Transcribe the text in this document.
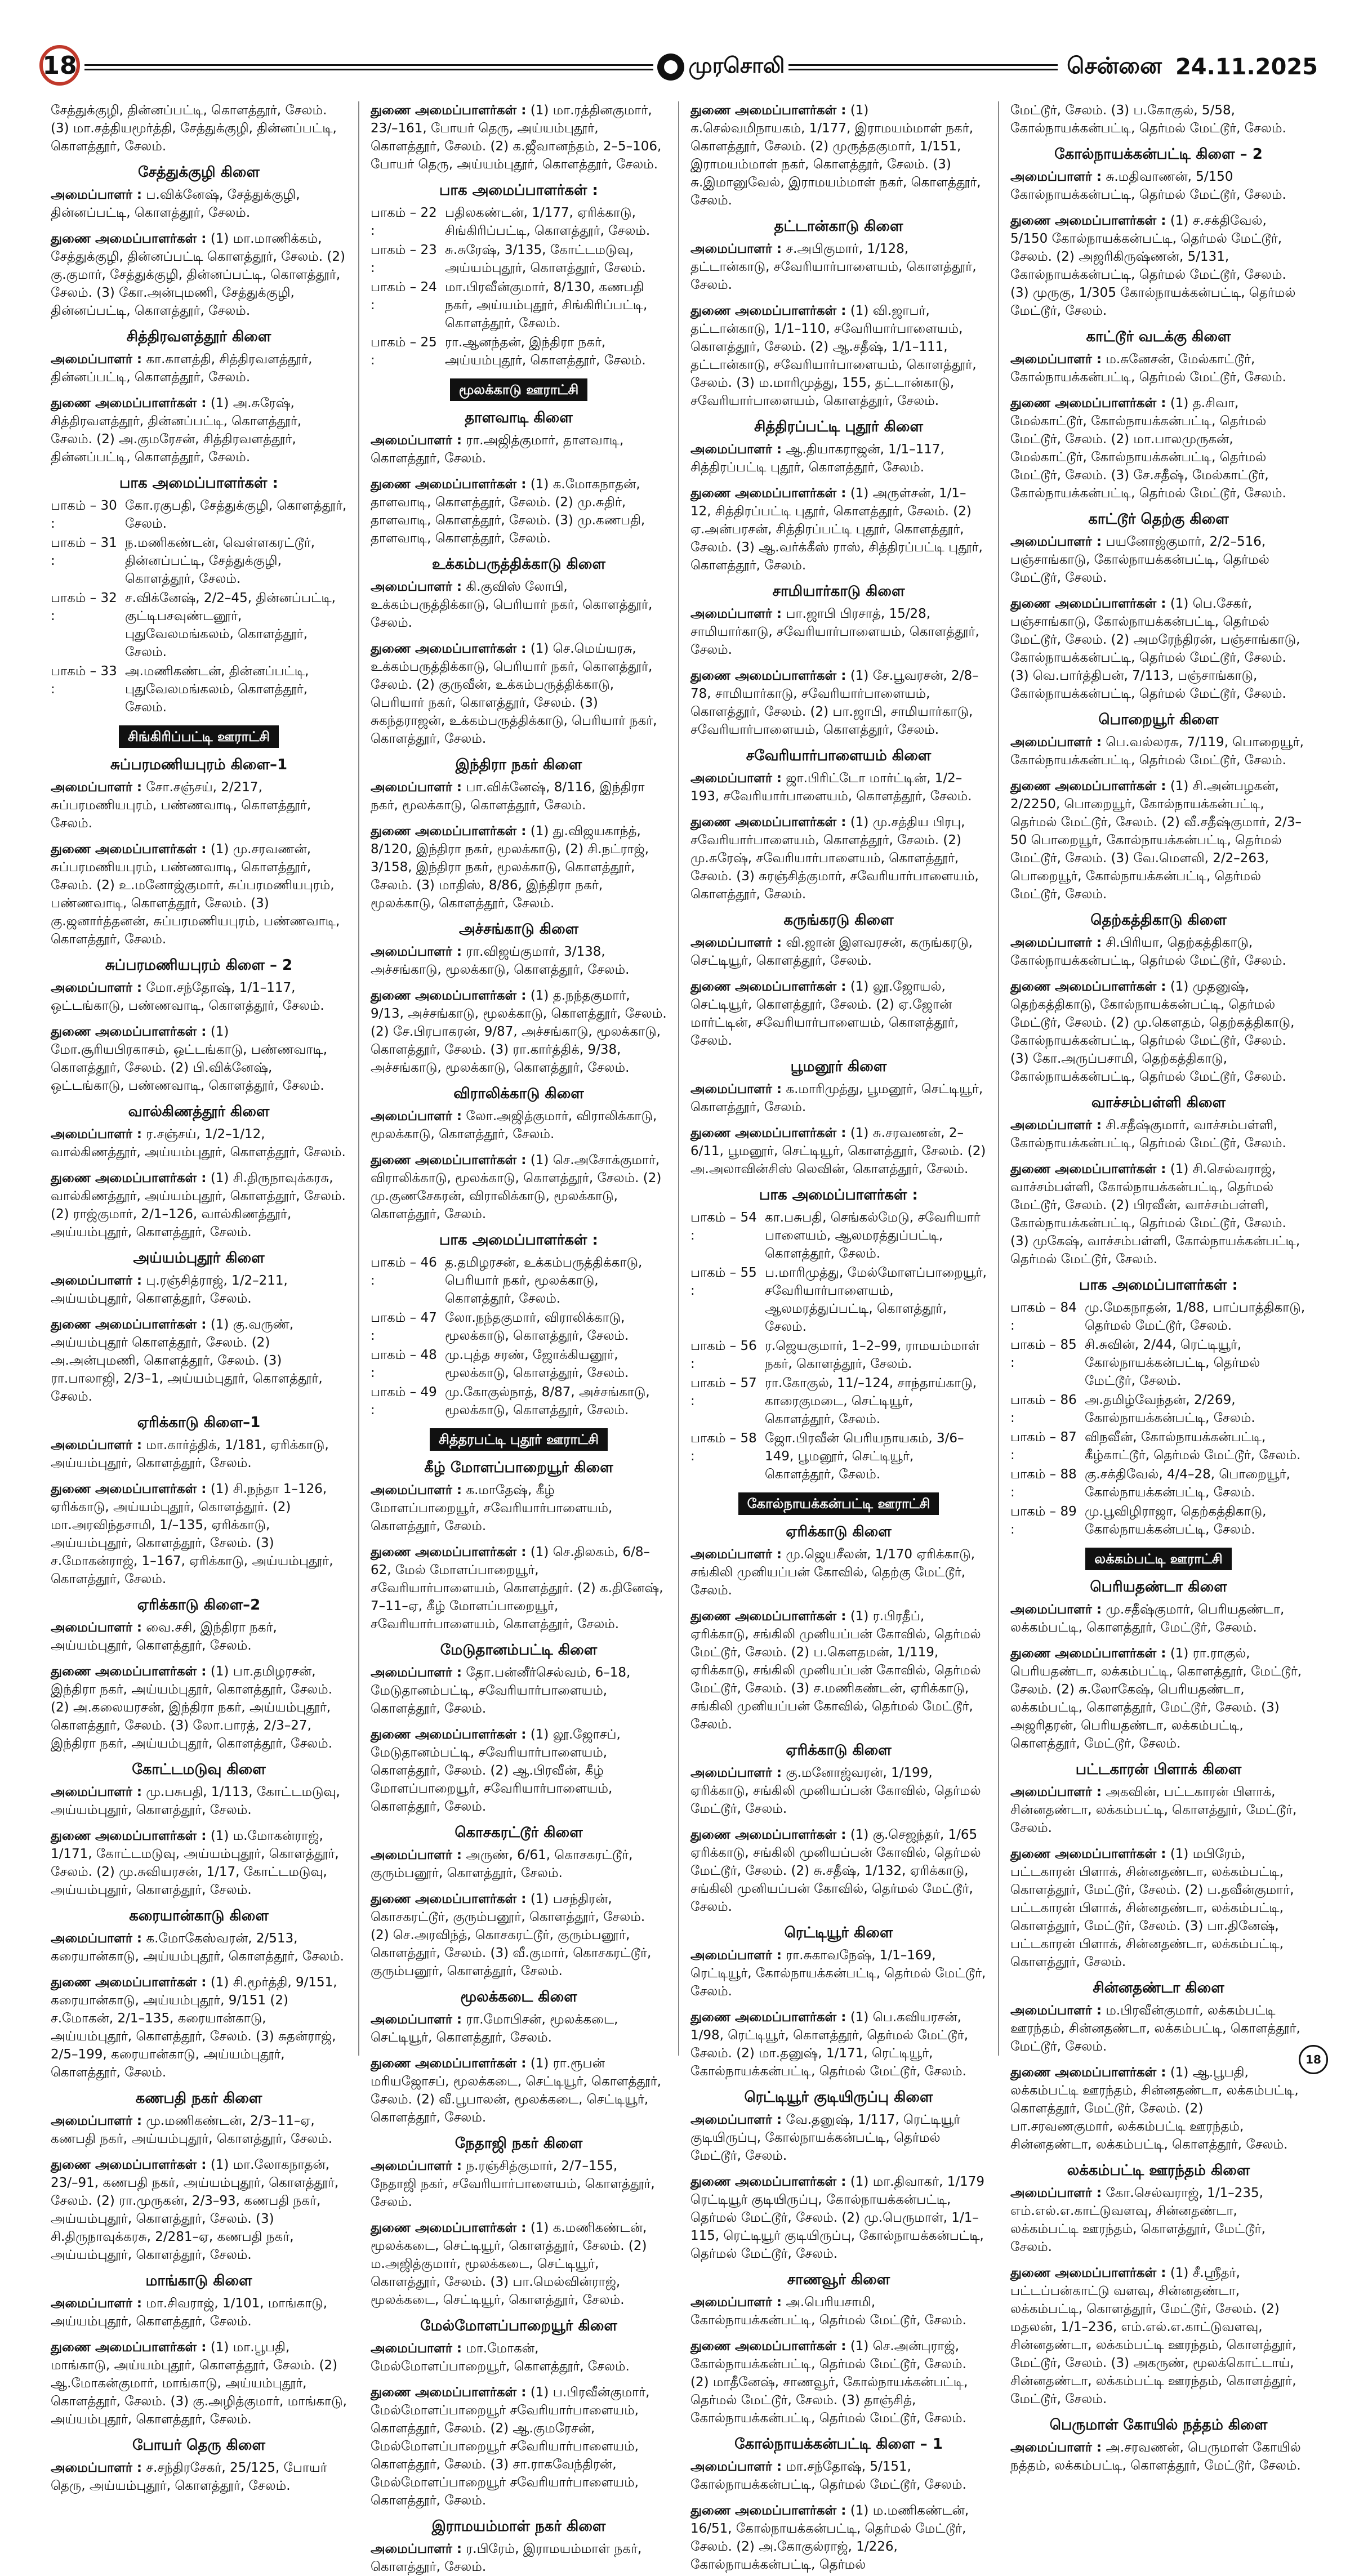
18	முரசொலி	சென்னை 24.11.2025

சேத்துக்குழி, தின்னப்பட்டி, கொளத்தூர், சேலம். (3) மா.சத்தியமூர்த்தி, சேத்துக்குழி, தின்னப்பட்டி, கொளத்தூர், சேலம்.

சேத்துக்குழி கிளை

அமைப்பாளர் : ப.விக்னேஷ், சேத்துக்குழி, தின்னப்பட்டி, கொளத்தூர், சேலம்.

துணை அமைப்பாளர்கள் : (1) மா.மாணிக்கம், சேத்துக்குழி, தின்னப்பட்டி கொளத்தூர், சேலம். (2) கு.குமார், சேத்துக்குழி, தின்னப்பட்டி, கொளத்தூர், சேலம். (3) கோ.அன்புமணி, சேத்துக்குழி, தின்னப்பட்டி, கொளத்தூர், சேலம்.

சித்திரவளத்தூர் கிளை

அமைப்பாளர் : கா.காளத்தி, சித்திரவளத்தூர், தின்னப்பட்டி, கொளத்தூர், சேலம்.

துணை அமைப்பாளர்கள் : (1) அ.சுரேஷ், சித்திரவளத்தூர், தின்னப்பட்டி, கொளத்தூர், சேலம். (2) அ.குமரேசன், சித்திரவளத்தூர், தின்னப்பட்டி, கொளத்தூர், சேலம்.

பாக அமைப்பாளர்கள் :
பாகம் – 30 :
கோ.ரகுபதி, சேத்துக்குழி, கொளத்தூர், சேலம்.
பாகம் – 31 :
ந.மணிகண்டன், வெள்ளகரட்டூர், தின்னப்பட்டி, சேத்துக்குழி, கொளத்தூர், சேலம்.
பாகம் – 32 :
ச.விக்னேஷ், 2/2–45, தின்னப்பட்டி, குட்டிபசவுண்டனூர், புதுவேலமங்கலம், கொளத்தூர், சேலம்.
பாகம் – 33 :
அ.மணிகண்டன், தின்னப்பட்டி, புதுவேலமங்கலம், கொளத்தூர், சேலம்.
சிங்கிரிப்பட்டி ஊராட்சி
சுப்பரமணியபுரம் கிளை–1

அமைப்பாளர் : சோ.சஞ்சய், 2/217, சுப்பரமணியபுரம், பண்ணவாடி, கொளத்தூர், சேலம்.

துணை அமைப்பாளர்கள் : (1) மு.சரவணன், சுப்பரமணியபுரம், பண்ணவாடி, கொளத்தூர், சேலம். (2) உ.மனோஜ்குமார், சுப்பரமணியபுரம், பண்ணவாடி, கொளத்தூர், சேலம். (3) கு.ஜனார்த்தனன், சுப்பரமணியபுரம், பண்ணவாடி, கொளத்தூர், சேலம்.

சுப்பரமணியபுரம் கிளை – 2

அமைப்பாளர் : மோ.சந்தோஷ், 1/1–117, ஒட்டங்காடு, பண்ணவாடி, கொளத்தூர், சேலம்.

துணை அமைப்பாளர்கள் : (1) மோ.சூரியபிரகாசம், ஒட்டங்காடு, பண்ணவாடி, கொளத்தூர், சேலம். (2) பி.விக்னேஷ், ஒட்டங்காடு, பண்ணவாடி, கொளத்தூர், சேலம்.

வால்கிணத்தூர் கிளை

அமைப்பாளர் : ர.சஞ்சய், 1/2–1/12, வால்கிணத்தூர், அய்யம்புதூர், கொளத்தூர், சேலம்.

துணை அமைப்பாளர்கள் : (1) சி.திருநாவுக்கரசு, வால்கிணத்தூர், அய்யம்புதூர், கொளத்தூர், சேலம். (2) ராஜ்குமார், 2/1–126, வால்கிணத்தூர், அய்யம்புதூர், கொளத்தூர், சேலம்.

அய்யம்புதூர் கிளை

அமைப்பாளர் : பு.ரஞ்சித்ராஜ், 1/2–211, அய்யம்புதூர், கொளத்தூர், சேலம்.

துணை அமைப்பாளர்கள் : (1) கு.வருண், அய்யம்புதூர் கொளத்தூர், சேலம். (2) அ.அன்புமணி, கொளத்தூர், சேலம். (3) ரா.பாலாஜி, 2/3–1, அய்யம்புதூர், கொளத்தூர், சேலம்.

ஏரிக்காடு கிளை–1

அமைப்பாளர் : மா.கார்த்திக், 1/181, ஏரிக்காடு, அய்யம்புதூர், கொளத்தூர், சேலம்.

துணை அமைப்பாளர்கள் : (1) சி.நந்தா 1–126, ஏரிக்காடு, அய்யம்புதூர், கொளத்தூர். (2) மா.அரவிந்தசாமி, 1/–135, ஏரிக்காடு, அய்யம்புதூர், கொளத்தூர், சேலம். (3) ச.மோகன்ராஜ், 1–167, ஏரிக்காடு, அய்யம்புதூர், கொளத்தூர், சேலம்.

ஏரிக்காடு கிளை–2

அமைப்பாளர் : வை.சசி, இந்திரா நகர், அய்யம்புதூர், கொளத்தூர், சேலம்.

துணை அமைப்பாளர்கள் : (1) பா.தமிழரசன், இந்திரா நகர், அய்யம்புதூர், கொளத்தூர், சேலம். (2) அ.கலையரசன், இந்திரா நகர், அய்யம்புதூர், கொளத்தூர், சேலம். (3) லோ.பாரத், 2/3–27, இந்திரா நகர், அய்யம்புதூர், கொளத்தூர், சேலம்.

கோட்டமடுவு கிளை

அமைப்பாளர் : மு.பசுபதி, 1/113, கோட்டமடுவு, அய்யம்புதூர், கொளத்தூர், சேலம்.

துணை அமைப்பாளர்கள் : (1) ம.மோகன்ராஜ், 1/171, கோட்டமடுவு, அய்யம்புதூர், கொளத்தூர், சேலம். (2) மு.சுவியரசன், 1/17, கோட்டமடுவு, அய்யம்புதூர், கொளத்தூர், சேலம்.

கரையான்காடு கிளை

அமைப்பாளர் : க.மோகேஸ்வரன், 2/513, கரையான்காடு, அய்யம்புதூர், கொளத்தூர், சேலம்.

துணை அமைப்பாளர்கள் : (1) சி.மூர்த்தி, 9/151, கரையான்காடு, அய்யம்புதூர், 9/151 (2) ச.மோகன், 2/1–135, கரையான்காடு, அய்யம்புதூர், கொளத்தூர், சேலம். (3) சுதன்ராஜ், 2/5–199, கரையான்காடு, அய்யம்புதூர், கொளத்தூர், சேலம்.

கணபதி நகர் கிளை

அமைப்பாளர் : மு.மணிகண்டன், 2/3–11–ஏ, கணபதி நகர், அய்யம்புதூர், கொளத்தூர், சேலம்.

துணை அமைப்பாளர்கள் : (1) மா.லோகநாதன், 23/–91, கணபதி நகர், அய்யம்புதூர், கொளத்தூர், சேலம். (2) ரா.முருகன், 2/3–93, கணபதி நகர், அய்யம்புதூர், கொளத்தூர், சேலம். (3) சி.திருநாவுக்கரசு, 2/281–ஏ, கணபதி நகர், அய்யம்புதூர், கொளத்தூர், சேலம்.

மாங்காடு கிளை

அமைப்பாளர் : மா.சிவராஜ், 1/101, மாங்காடு, அய்யம்புதூர், கொளத்தூர், சேலம்.

துணை அமைப்பாளர்கள் : (1) மா.பூபதி, மாங்காடு, அய்யம்புதூர், கொளத்தூர், சேலம். (2) ஆ.மோகன்குமார், மாங்காடு, அய்யம்புதூர், கொளத்தூர், சேலம். (3) கு.அழித்குமார், மாங்காடு, அய்யம்புதூர், கொளத்தூர், சேலம்.

போயர் தெரு கிளை

அமைப்பாளர் : ச.சந்திரசேகர், 25/125, போயர் தெரு, அய்யம்புதூர், கொளத்தூர், சேலம்.

துணை அமைப்பாளர்கள் : (1) மா.ரத்தினகுமார், 23/–161, போயர் தெரு, அய்யம்புதூர், கொளத்தூர், சேலம். (2) க.ஜீவானந்தம், 2–5–106, போயர் தெரு, அய்யம்புதூர், கொளத்தூர், சேலம்.

பாக அமைப்பாளர்கள் :
பாகம் – 22 :
பதிலகண்டன், 1/177, ஏரிக்காடு, சிங்கிரிப்பட்டி, கொளத்தூர், சேலம்.
பாகம் – 23 :
சு.சுரேஷ், 3/135, கோட்டமடுவு, அய்யம்புதூர், கொளத்தூர், சேலம்.
பாகம் – 24 :
மா.பிரவீன்குமார், 8/130, கணபதி நகர், அய்யம்புதூர், சிங்கிரிப்பட்டி, கொளத்தூர், சேலம்.
பாகம் – 25 :
ரா.ஆனந்தன், இந்திரா நகர், அய்யம்புதூர், கொளத்தூர், சேலம்.
மூலக்காடு ஊராட்சி
தாளவாடி கிளை

அமைப்பாளர் : ரா.அஜித்குமார், தாளவாடி, கொளத்தூர், சேலம்.

துணை அமைப்பாளர்கள் : (1) க.மோகநாதன், தாளவாடி, கொளத்தூர், சேலம். (2) மு.சுதிர், தாளவாடி, கொளத்தூர், சேலம். (3) மு.கணபதி, தாளவாடி, கொளத்தூர், சேலம்.

உக்கம்பருத்திக்காடு கிளை

அமைப்பாளர் : கி.குவிஸ் லோபி, உக்கம்பருத்திக்காடு, பெரியார் நகர், கொளத்தூர், சேலம்.

துணை அமைப்பாளர்கள் : (1) செ.மெய்யரசு, உக்கம்பருத்திக்காடு, பெரியார் நகர், கொளத்தூர், சேலம். (2) குருவீன், உக்கம்பருத்திக்காடு, பெரியார் நகர், கொளத்தூர், சேலம். (3) சுகந்தராஜன், உக்கம்பருத்திக்காடு, பெரியார் நகர், கொளத்தூர், சேலம்.

இந்திரா நகர் கிளை

அமைப்பாளர் : பா.விக்னேஷ், 8/116, இந்திரா நகர், மூலக்காடு, கொளத்தூர், சேலம்.

துணை அமைப்பாளர்கள் : (1) து.விஜயகாந்த், 8/120, இந்திரா நகர், மூலக்காடு, (2) சி.நட்ராஜ், 3/158, இந்திரா நகர், மூலக்காடு, கொளத்தூர், சேலம். (3) மாதிஸ், 8/86, இந்திரா நகர், மூலக்காடு, கொளத்தூர், சேலம்.

அச்சங்காடு கிளை

அமைப்பாளர் : ரா.விஜய்குமார், 3/138, அச்சங்காடு, மூலக்காடு, கொளத்தூர், சேலம்.

துணை அமைப்பாளர்கள் : (1) த.நந்தகுமார், 9/13, அச்சங்காடு, மூலக்காடு, கொளத்தூர், சேலம். (2) சே.பிரபாகரன், 9/87, அச்சங்காடு, மூலக்காடு, கொளத்தூர், சேலம். (3) ரா.கார்த்திக், 9/38, அச்சங்காடு, மூலக்காடு, கொளத்தூர், சேலம்.

விராலிக்காடு கிளை

அமைப்பாளர் : லோ.அஜித்குமார், விராலிக்காடு, மூலக்காடு, கொளத்தூர், சேலம்.

துணை அமைப்பாளர்கள் : (1) செ.அசோக்குமார், விராலிக்காடு, மூலக்காடு, கொளத்தூர், சேலம். (2) மு.குணசேகரன், விராலிக்காடு, மூலக்காடு, கொளத்தூர், சேலம்.

பாக அமைப்பாளர்கள் :
பாகம் – 46 :
த.தமிழரசன், உக்கம்பருத்திக்காடு, பெரியார் நகர், மூலக்காடு, கொளத்தூர், சேலம்.
பாகம் – 47 :
லோ.நந்தகுமார், விராலிக்காடு, மூலக்காடு, கொளத்தூர், சேலம்.
பாகம் – 48 :
மு.புத்த சரண், ஜோக்கியனூர், மூலக்காடு, கொளத்தூர், சேலம்.
பாகம் – 49 :
மு.கோகுல்நாத், 8/87, அச்சங்காடு, மூலக்காடு, கொளத்தூர், சேலம்.
சித்தரபட்டி புதூர் ஊராட்சி
கீழ் மோளப்பாறையூர் கிளை

அமைப்பாளர் : க.மாதேஷ், கீழ் மோளப்பாறையூர், சவேரியார்பாளையம், கொளத்தூர், சேலம்.

துணை அமைப்பாளர்கள் : (1) செ.திலகம், 6/8–62, மேல் மோளப்பாறையூர், சவேரியார்பாளையம், கொளத்தூர். (2) க.தினேஷ், 7–11–ஏ, கீழ் மோளப்பாறையூர், சவேரியார்பாளையம், கொளத்தூர், சேலம்.

மேடுதானம்பட்டி கிளை

அமைப்பாளர் : தோ.பன்னீர்செல்வம், 6–18, மேடுதானம்பட்டி, சவேரியார்பாளையம், கொளத்தூர், சேலம்.

துணை அமைப்பாளர்கள் : (1) லூ.ஜோசப், மேடுதானம்பட்டி, சவேரியார்பாளையம், கொளத்தூர், சேலம். (2) ஆ.பிரவீன், கீழ் மோளப்பாறையூர், சவேரியார்பாளையம், கொளத்தூர், சேலம்.

கொசகரட்டூர் கிளை

அமைப்பாளர் : அருண், 6/61, கொசகரட்டூர், குரும்பனூர், கொளத்தூர், சேலம்.

துணை அமைப்பாளர்கள் : (1) பசந்திரன், கொசகரட்டூர், குரும்பனூர், கொளத்தூர், சேலம். (2) செ.அரவிந்த், கொசகரட்டூர், குரும்பனூர், கொளத்தூர், சேலம். (3) வீ.குமார், கொசகரட்டூர், குரும்பனூர், கொளத்தூர், சேலம்.

மூலக்கடை கிளை

அமைப்பாளர் : ரா.மோபிசன், மூலக்கடை, செட்டியூர், கொளத்தூர், சேலம்.

துணை அமைப்பாளர்கள் : (1) ரா.ரூபன் மரியஜோசப், மூலக்கடை, செட்டியூர், கொளத்தூர், சேலம். (2) வீ.பூபாலன், மூலக்கடை, செட்டியூர், கொளத்தூர், சேலம்.

நேதாஜி நகர் கிளை

அமைப்பாளர் : ந.ரஞ்சித்குமார், 2/7–155, நேதாஜி நகர், சவேரியார்பாளையம், கொளத்தூர், சேலம்.

துணை அமைப்பாளர்கள் : (1) க.மணிகண்டன், மூலக்கடை, செட்டியூர், கொளத்தூர், சேலம். (2) ம.அஜித்குமார், மூலக்கடை, செட்டியூர், கொளத்தூர், சேலம். (3) பா.மெல்வின்ராஜ், மூலக்கடை, செட்டியூர், கொளத்தூர், சேலம்.

மேல்மோளப்பாறையூர் கிளை

அமைப்பாளர் : மா.மோகன், மேல்மோளப்பாறையூர், கொளத்தூர், சேலம்.

துணை அமைப்பாளர்கள் : (1) ப.பிரவீன்குமார், மேல்மோளப்பாறையூர் சவேரியார்பாளையம், கொளத்தூர், சேலம். (2) ஆ.குமரேசன், மேல்மோளப்பாறையூர் சவேரியார்பாளையம், கொளத்தூர், சேலம். (3) சா.ராகவேந்திரன், மேல்மோளப்பாறையூர் சவேரியார்பாளையம், கொளத்தூர், சேலம்.

இராமயம்மாள் நகர் கிளை

அமைப்பாளர் : ர.பிரேம், இராமயம்மாள் நகர், கொளத்தூர், சேலம்.

துணை அமைப்பாளர்கள் : (1) க.செல்வமிநாயகம், 1/177, இராமயம்மாள் நகர், கொளத்தூர், சேலம். (2) முருத்தகுமார், 1/151, இராமயம்மாள் நகர், கொளத்தூர், சேலம். (3) சு.இமானுவேல், இராமயம்மாள் நகர், கொளத்தூர், சேலம்.

தட்டான்காடு கிளை

அமைப்பாளர் : ச.அபிகுமார், 1/128, தட்டான்காடு, சவேரியார்பாளையம், கொளத்தூர், சேலம்.

துணை அமைப்பாளர்கள் : (1) வி.ஜாபர், தட்டான்காடு, 1/1–110, சவேரியார்பாளையம், கொளத்தூர், சேலம். (2) ஆ.சதீஷ், 1/1–111, தட்டான்காடு, சவேரியார்பாளையம், கொளத்தூர், சேலம். (3) ம.மாரிமுத்து, 155, தட்டான்காடு, சவேரியார்பாளையம், கொளத்தூர், சேலம்.

சித்திரப்பட்டி புதூர் கிளை

அமைப்பாளர் : ஆ.தியாகராஜன், 1/1–117, சித்திரப்பட்டி புதூர், கொளத்தூர், சேலம்.

துணை அமைப்பாளர்கள் : (1) அருள்சன், 1/1–12, சித்திரப்பட்டி புதூர், கொளத்தூர், சேலம். (2) ஏ.அன்பரசன், சித்திரப்பட்டி புதூர், கொளத்தூர், சேலம். (3) ஆ.வர்க்கீஸ் ராஸ், சித்திரப்பட்டி புதூர், கொளத்தூர், சேலம்.

சாமியார்காடு கிளை

அமைப்பாளர் : பா.ஜாபி பிரசாத், 15/28, சாமியார்காடு, சவேரியார்பாளையம், கொளத்தூர், சேலம்.

துணை அமைப்பாளர்கள் : (1) சே.பூவரசன், 2/8–78, சாமியார்காடு, சவேரியார்பாளையம், கொளத்தூர், சேலம். (2) பா.ஜாபி, சாமியார்காடு, சவேரியார்பாளையம், கொளத்தூர், சேலம்.

சவேரியார்பாளையம் கிளை

அமைப்பாளர் : ஜா.பிரிட்டோ மார்ட்டின், 1/2–193, சவேரியார்பாளையம், கொளத்தூர், சேலம்.

துணை அமைப்பாளர்கள் : (1) மு.சத்திய பிரபு, சவேரியார்பாளையம், கொளத்தூர், சேலம். (2) மு.சுரேஷ், சவேரியார்பாளையம், கொளத்தூர், சேலம். (3) சுரஞ்சித்குமார், சவேரியார்பாளையம், கொளத்தூர், சேலம்.

கருங்கரடு கிளை

அமைப்பாளர் : வி.ஜான் இளவரசன், கருங்கரடு, செட்டியூர், கொளத்தூர், சேலம்.

துணை அமைப்பாளர்கள் : (1) லூ.ஜோயல், செட்டியூர், கொளத்தூர், சேலம். (2) ஏ.ஜோன் மார்ட்டின், சவேரியார்பாளையம், கொளத்தூர், சேலம்.

பூமனூர் கிளை

அமைப்பாளர் : க.மாரிமுத்து, பூமனூர், செட்டியூர், கொளத்தூர், சேலம்.

துணை அமைப்பாளர்கள் : (1) சு.சரவணன், 2–6/11, பூமனூர், செட்டியூர், கொளத்தூர், சேலம். (2) அ.அலாவின்சிஸ் லெவின், கொளத்தூர், சேலம்.

பாக அமைப்பாளர்கள் :
பாகம் – 54 :
கா.பசுபதி, செங்கல்மேடு, சவேரியார் பாளையம், ஆலமரத்துப்பட்டி, கொளத்தூர், சேலம்.
பாகம் – 55 :
ப.மாரிமுத்து, மேல்மோளப்பாறையூர், சவேரியார்பாளையம், ஆலமரத்துப்பட்டி, கொளத்தூர், சேலம்.
பாகம் – 56 :
ர.ஜெயகுமார், 1–2–99, ராமயம்மாள் நகர், கொளத்தூர், சேலம்.
பாகம் – 57 :
ரா.கோகுல், 11/–124, சாந்தாய்காடு, காரைகுமடை, செட்டியூர், கொளத்தூர், சேலம்.
பாகம் – 58 :
ஜோ.பிரவீன் பெரியநாயகம், 3/6–149, பூமனூர், செட்டியூர், கொளத்தூர், சேலம்.
கோல்நாயக்கன்பட்டி ஊராட்சி
ஏரிக்காடு கிளை

அமைப்பாளர் : மு.ஜெயசீலன், 1/170 ஏரிக்காடு, சங்கிலி முனியப்பன் கோவில், தெற்கு மேட்டூர், சேலம்.

துணை அமைப்பாளர்கள் : (1) ர.பிரதீப், ஏரிக்காடு, சங்கிலி முனியப்பன் கோவில், தெர்மல் மேட்டூர், சேலம். (2) ப.கௌதமன், 1/119, ஏரிக்காடு, சங்கிலி முனியப்பன் கோவில், தெர்மல் மேட்டூர், சேலம். (3) ச.மணிகண்டன், ஏரிக்காடு, சங்கிலி முனியப்பன் கோவில், தெர்மல் மேட்டூர், சேலம்.

ஏரிக்காடு கிளை

அமைப்பாளர் : கு.மனோஜ்வரன், 1/199, ஏரிக்காடு, சங்கிலி முனியப்பன் கோவில், தெர்மல் மேட்டூர், சேலம்.

துணை அமைப்பாளர்கள் : (1) கு.செஜந்தர், 1/65 ஏரிக்காடு, சங்கிலி முனியப்பன் கோவில், தெர்மல் மேட்டூர், சேலம். (2) சு.சதீஷ், 1/132, ஏரிக்காடு, சங்கிலி முனியப்பன் கோவில், தெர்மல் மேட்டூர், சேலம்.

ரெட்டியூர் கிளை

அமைப்பாளர் : ரா.சுகாவநேஷ், 1/1–169, ரெட்டியூர், கோல்நாயக்கன்பட்டி, தெர்மல் மேட்டூர், சேலம்.

துணை அமைப்பாளர்கள் : (1) பெ.கவியரசன், 1/98, ரெட்டியூர், கொளத்தூர், தெர்மல் மேட்டூர், சேலம். (2) மா.தனுஷ், 1/171, ரெட்டியூர், கோல்நாயக்கன்பட்டி, தெர்மல் மேட்டூர், சேலம்.

ரெட்டியூர் குடியிருப்பு கிளை

அமைப்பாளர் : வே.தனுஷ், 1/117, ரெட்டியூர் குடியிருப்பு, கோல்நாயக்கன்பட்டி, தெர்மல் மேட்டூர், சேலம்.

துணை அமைப்பாளர்கள் : (1) மா.திவாகர், 1/179 ரெட்டியூர் குடியிருப்பு, கோல்நாயக்கன்பட்டி, தெர்மல் மேட்டூர், சேலம். (2) மு.பெருமாள், 1/1–115, ரெட்டியூர் குடியிருப்பு, கோல்நாயக்கன்பட்டி, தெர்மல் மேட்டூர், சேலம்.

சாணவூர் கிளை

அமைப்பாளர் : அ.பெரியசாமி, கோல்நாயக்கன்பட்டி, தெர்மல் மேட்டூர், சேலம்.

துணை அமைப்பாளர்கள் : (1) செ.அன்புராஜ், கோல்நாயக்கன்பட்டி, தெர்மல் மேட்டூர், சேலம். (2) மாதீனேஷ், சாணவூர், கோல்நாயக்கன்பட்டி, தெர்மல் மேட்டூர், சேலம். (3) தாஞ்சித், கோல்நாயக்கன்பட்டி, தெர்மல் மேட்டூர், சேலம்.

கோல்நாயக்கன்பட்டி கிளை – 1

அமைப்பாளர் : மா.சந்தோஷ், 5/151, கோல்நாயக்கன்பட்டி, தெர்மல் மேட்டூர், சேலம்.

துணை அமைப்பாளர்கள் : (1) ம.மணிகண்டன், 16/51, கோல்நாயக்கன்பட்டி, தெர்மல் மேட்டூர், சேலம். (2) அ.கோகுல்ராஜ், 1/226, கோல்நாயக்கன்பட்டி, தெர்மல்

மேட்டூர், சேலம். (3) ப.கோகுல், 5/58, கோல்நாயக்கன்பட்டி, தெர்மல் மேட்டூர், சேலம்.

கோல்நாயக்கன்பட்டி கிளை – 2

அமைப்பாளர் : சு.மதிவாணன், 5/150 கோல்நாயக்கன்பட்டி, தெர்மல் மேட்டூர், சேலம்.

துணை அமைப்பாளர்கள் : (1) ச.சக்திவேல், 5/150 கோல்நாயக்கன்பட்டி, தெர்மல் மேட்டூர், சேலம். (2) அஜரிகிருஷ்ணன், 5/131, கோல்நாயக்கன்பட்டி, தெர்மல் மேட்டூர், சேலம். (3) முருகு, 1/305 கோல்நாயக்கன்பட்டி, தெர்மல் மேட்டூர், சேலம்.

காட்டூர் வடக்கு கிளை

அமைப்பாளர் : ம.சுனேசன், மேல்காட்டூர், கோல்நாயக்கன்பட்டி, தெர்மல் மேட்டூர், சேலம்.

துணை அமைப்பாளர்கள் : (1) த.சிவா, மேல்காட்டூர், கோல்நாயக்கன்பட்டி, தெர்மல் மேட்டூர், சேலம். (2) மா.பாலமுருகன், மேல்காட்டூர், கோல்நாயக்கன்பட்டி, தெர்மல் மேட்டூர், சேலம். (3) சே.சதீஷ், மேல்காட்டூர், கோல்நாயக்கன்பட்டி, தெர்மல் மேட்டூர், சேலம்.

காட்டூர் தெற்கு கிளை

அமைப்பாளர் : பயனோஜ்குமார், 2/2–516, பஞ்சாங்காடு, கோல்நாயக்கன்பட்டி, தெர்மல் மேட்டூர், சேலம்.

துணை அமைப்பாளர்கள் : (1) பெ.சேகர், பஞ்சாங்காடு, கோல்நாயக்கன்பட்டி, தெர்மல் மேட்டூர், சேலம். (2) அமரேந்திரன், பஞ்சாங்காடு, கோல்நாயக்கன்பட்டி, தெர்மல் மேட்டூர், சேலம். (3) வெ.பார்த்திபன், 7/113, பஞ்சாங்காடு, கோல்நாயக்கன்பட்டி, தெர்மல் மேட்டூர், சேலம்.

பொறையூர் கிளை

அமைப்பாளர் : பெ.வல்லரசு, 7/119, பொறையூர், கோல்நாயக்கன்பட்டி, தெர்மல் மேட்டூர், சேலம்.

துணை அமைப்பாளர்கள் : (1) சி.அன்பழகன், 2/2250, பொறையூர், கோல்நாயக்கன்பட்டி, தெர்மல் மேட்டூர், சேலம். (2) வீ.சதீஷ்குமார், 2/3–50 பொறையூர், கோல்நாயக்கன்பட்டி, தெர்மல் மேட்டூர், சேலம். (3) வே.மௌலி, 2/2–263, பொறையூர், கோல்நாயக்கன்பட்டி, தெர்மல் மேட்டூர், சேலம்.

தெற்கத்திகாடு கிளை

அமைப்பாளர் : சி.பிரியா, தெற்கத்திகாடு, கோல்நாயக்கன்பட்டி, தெர்மல் மேட்டூர், சேலம்.

துணை அமைப்பாளர்கள் : (1) முதனுஷ், தெற்கத்திகாடு, கோல்நாயக்கன்பட்டி, தெர்மல் மேட்டூர், சேலம். (2) மு.கௌதம், தெற்கத்திகாடு, கோல்நாயக்கன்பட்டி, தெர்மல் மேட்டூர், சேலம். (3) கோ.அருப்பசாமி, தெற்கத்திகாடு, கோல்நாயக்கன்பட்டி, தெர்மல் மேட்டூர், சேலம்.

வாச்சம்பள்ளி கிளை

அமைப்பாளர் : சி.சதீஷ்குமார், வாச்சம்பள்ளி, கோல்நாயக்கன்பட்டி, தெர்மல் மேட்டூர், சேலம்.

துணை அமைப்பாளர்கள் : (1) சி.செல்வராஜ், வாச்சம்பள்ளி, கோல்நாயக்கன்பட்டி, தெர்மல் மேட்டூர், சேலம். (2) பிரவீன், வாச்சம்பள்ளி, கோல்நாயக்கன்பட்டி, தெர்மல் மேட்டூர், சேலம். (3) முகேஷ், வாச்சம்பள்ளி, கோல்நாயக்கன்பட்டி, தெர்மல் மேட்டூர், சேலம்.

பாக அமைப்பாளர்கள் :
பாகம் – 84 :
மு.மேகநாதன், 1/88, பாப்பாத்திகாடு, தெர்மல் மேட்டூர், சேலம்.
பாகம் – 85 :
சி.சுவின், 2/44, ரெட்டியூர், கோல்நாயக்கன்பட்டி, தெர்மல் மேட்டூர், சேலம்.
பாகம் – 86 :
அ.தமிழ்வேந்தன், 2/269, கோல்நாயக்கன்பட்டி, சேலம்.
பாகம் – 87 :
விநவீன், கோல்நாயக்கன்பட்டி, கீழ்காட்டூர், தெர்மல் மேட்டூர், சேலம்.
பாகம் – 88 :
கு.சக்திவேல், 4/4–28, பொறையூர், கோல்நாயக்கன்பட்டி, சேலம்.
பாகம் – 89 :
மு.பூவிழிராஜா, தெற்கத்திகாடு, கோல்நாயக்கன்பட்டி, சேலம்.
லக்கம்பட்டி ஊராட்சி
பெரியதண்டா கிளை

அமைப்பாளர் : மு.சதீஷ்குமார், பெரியதண்டா, லக்கம்பட்டி, கொளத்தூர், மேட்டூர், சேலம்.

துணை அமைப்பாளர்கள் : (1) ரா.ராகுல், பெரியதண்டா, லக்கம்பட்டி, கொளத்தூர், மேட்டூர், சேலம். (2) சு.லோகேஷ், பெரியதண்டா, லக்கம்பட்டி, கொளத்தூர், மேட்டூர், சேலம். (3) அஜரிதரன், பெரியதண்டா, லக்கம்பட்டி, கொளத்தூர், மேட்டூர், சேலம்.

பட்டகாரன் பிளாக் கிளை

அமைப்பாளர் : அகவின், பட்டகாரன் பிளாக், சின்னதண்டா, லக்கம்பட்டி, கொளத்தூர், மேட்டூர், சேலம்.

துணை அமைப்பாளர்கள் : (1) மபிரேம், பட்டகாரன் பிளாக், சின்னதண்டா, லக்கம்பட்டி, கொளத்தூர், மேட்டூர், சேலம். (2) ப.தவீன்குமார், பட்டகாரன் பிளாக், சின்னதண்டா, லக்கம்பட்டி, கொளத்தூர், மேட்டூர், சேலம். (3) பா.தினேஷ், பட்டகாரன் பிளாக், சின்னதண்டா, லக்கம்பட்டி, கொளத்தூர், சேலம்.

சின்னதண்டா கிளை

அமைப்பாளர் : ம.பிரவீன்குமார், லக்கம்பட்டி ஊரந்தம், சின்னதண்டா, லக்கம்பட்டி, கொளத்தூர், மேட்டூர், சேலம்.

துணை அமைப்பாளர்கள் : (1) ஆ.பூபதி, லக்கம்பட்டி ஊரந்தம், சின்னதண்டா, லக்கம்பட்டி, கொளத்தூர், மேட்டூர், சேலம். (2) பா.சரவணகுமார், லக்கம்பட்டி ஊரந்தம், சின்னதண்டா, லக்கம்பட்டி, கொளத்தூர், சேலம்.

லக்கம்பட்டி ஊரந்தம் கிளை

அமைப்பாளர் : கோ.செல்வராஜ், 1/1–235, எம்.எல்.எ.காட்டுவளவு, சின்னதண்டா, லக்கம்பட்டி ஊரந்தம், கொளத்தூர், மேட்டூர், சேலம்.

துணை அமைப்பாளர்கள் : (1) சீ.ஸ்ரீதர், பட்டப்பன்காட்டு வளவு, சின்னதண்டா, லக்கம்பட்டி, கொளத்தூர், மேட்டூர், சேலம். (2) மதலன், 1/1–236, எம்.எல்.எ.காட்டுவளவு, சின்னதண்டா, லக்கம்பட்டி ஊரந்தம், கொளத்தூர், மேட்டூர், சேலம். (3) அகருண், மூலக்கொட்டாய், சின்னதண்டா, லக்கம்பட்டி ஊரந்தம், கொளத்தூர், மேட்டூர், சேலம்.

பெருமாள் கோயில் நத்தம் கிளை

அமைப்பாளர் : அ.சரவணன், பெருமாள் கோயில் நத்தம், லக்கம்பட்டி, கொளத்தூர், மேட்டூர், சேலம்.

18
